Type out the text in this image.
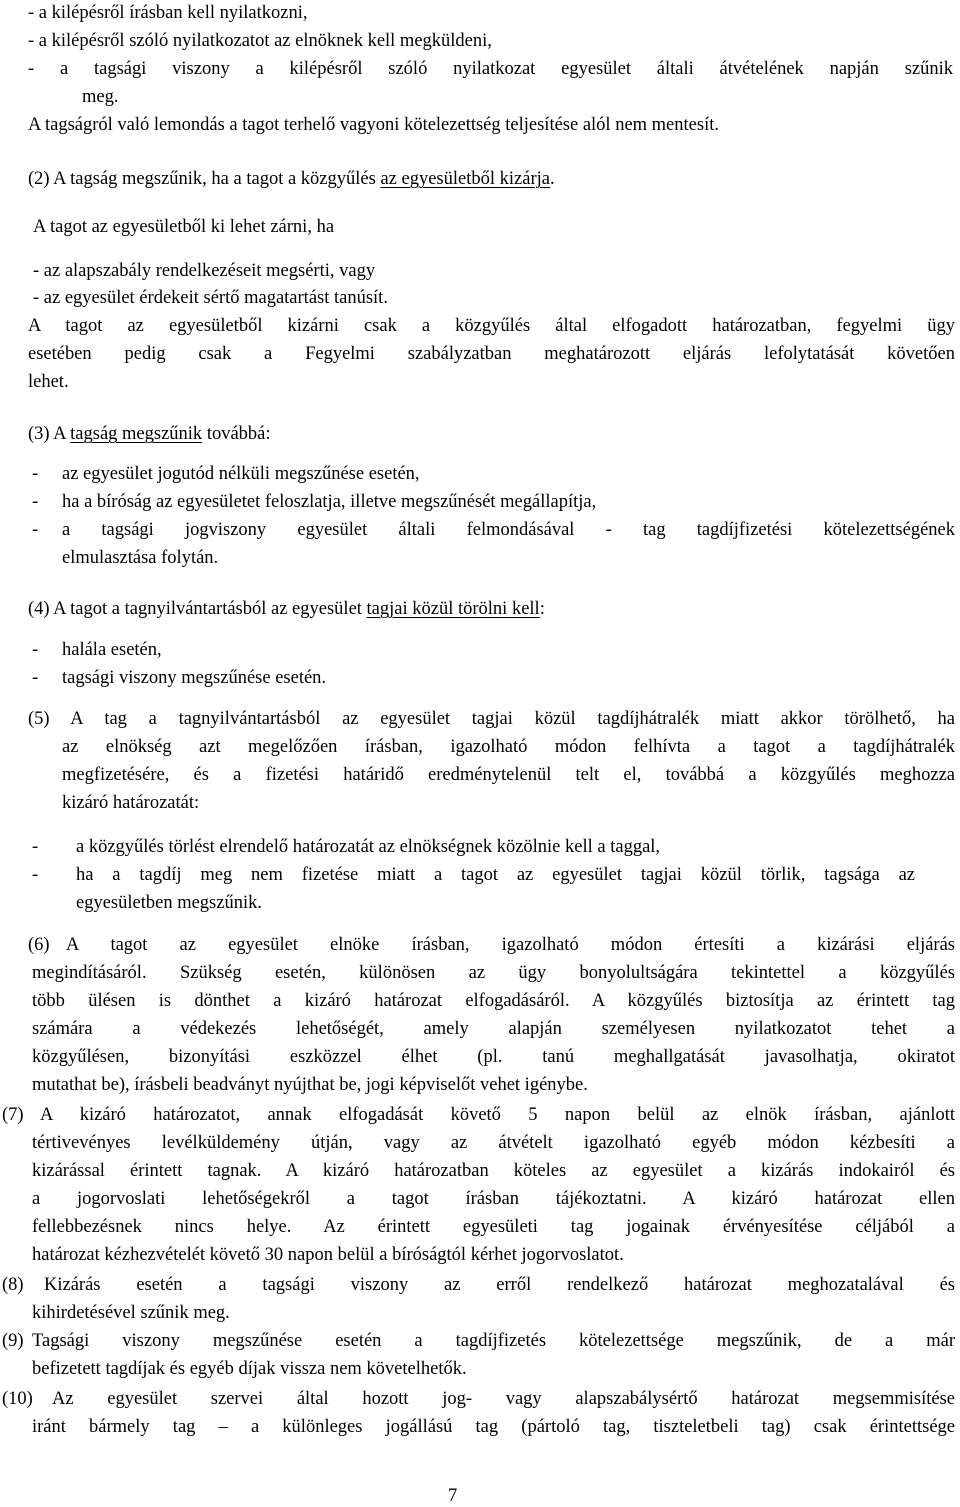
- a kilépésről írásban kell nyilatkozni,

- a kilépésről szóló nyilatkozatot az elnöknek kell megküldeni,

- a tagsági viszony a kilépésről szóló nyilatkozat egyesület általi átvételének napján szűnik

meg.

A tagságról való lemondás a tagot terhelő vagyoni kötelezettség teljesítése alól nem mentesít.

(2) A tagság megszűnik, ha a tagot a közgyűlés az egyesületből kizárja.

A tagot az egyesületből ki lehet zárni, ha

- az alapszabály rendelkezéseit megsérti, vagy

- az egyesület érdekeit sértő magatartást tanúsít.

A tagot az egyesületből kizárni csak a közgyűlés által elfogadott határozatban, fegyelmi ügy

esetében pedig csak a Fegyelmi szabályzatban meghatározott eljárás lefolytatását követően

lehet.

(3) A tagság megszűnik továbbá:

- az egyesület jogutód nélküli megszűnése esetén,

- ha a bíróság az egyesületet feloszlatja, illetve megszűnését megállapítja,

- a tagsági jogviszony egyesület általi felmondásával - tag tagdíjfizetési kötelezettségének

elmulasztása folytán.

(4) A tagot a tagnyilvántartásból az egyesület tagjai közül törölni kell:

- halála esetén,

- tagsági viszony megszűnése esetén.

(5) A tag a tagnyilvántartásból az egyesület tagjai közül tagdíjhátralék miatt akkor törölhető, ha

az elnökség azt megelőzően írásban, igazolható módon felhívta a tagot a tagdíjhátralék

megfizetésére, és a fizetési határidő eredménytelenül telt el, továbbá a közgyűlés meghozza

kizáró határozatát:

- a közgyűlés törlést elrendelő határozatát az elnökségnek közölnie kell a taggal,

- ha a tagdíj meg nem fizetése miatt a tagot az egyesület tagjai közül törlik, tagsága az

egyesületben megszűnik.

(6) A tagot az egyesület elnöke írásban, igazolható módon értesíti a kizárási eljárás

megindításáról. Szükség esetén, különösen az ügy bonyolultságára tekintettel a közgyűlés

több ülésen is dönthet a kizáró határozat elfogadásáról. A közgyűlés biztosítja az érintett tag

számára a védekezés lehetőségét, amely alapján személyesen nyilatkozatot tehet a

közgyűlésen, bizonyítási eszközzel élhet (pl. tanú meghallgatását javasolhatja, okiratot

mutathat be), írásbeli beadványt nyújthat be, jogi képviselőt vehet igénybe.

(7) A kizáró határozatot, annak elfogadását követő 5 napon belül az elnök írásban, ajánlott

tértivevényes levélküldemény útján, vagy az átvételt igazolható egyéb módon kézbesíti a

kizárással érintett tagnak. A kizáró határozatban köteles az egyesület a kizárás indokairól és

a jogorvoslati lehetőségekről a tagot írásban tájékoztatni. A kizáró határozat ellen

fellebbezésnek nincs helye. Az érintett egyesületi tag jogainak érvényesítése céljából a

határozat kézhezvételét követő 30 napon belül a bíróságtól kérhet jogorvoslatot.

(8) Kizárás esetén a tagsági viszony az erről rendelkező határozat meghozatalával és

kihirdetésével szűnik meg.

(9) Tagsági viszony megszűnése esetén a tagdíjfizetés kötelezettsége megszűnik, de a már

befizetett tagdíjak és egyéb díjak vissza nem követelhetők.

(10) Az egyesület szervei által hozott jog- vagy alapszabálysértő határozat megsemmisítése

iránt bármely tag – a különleges jogállású tag (pártoló tag, tiszteletbeli tag) csak érintettsége

7
